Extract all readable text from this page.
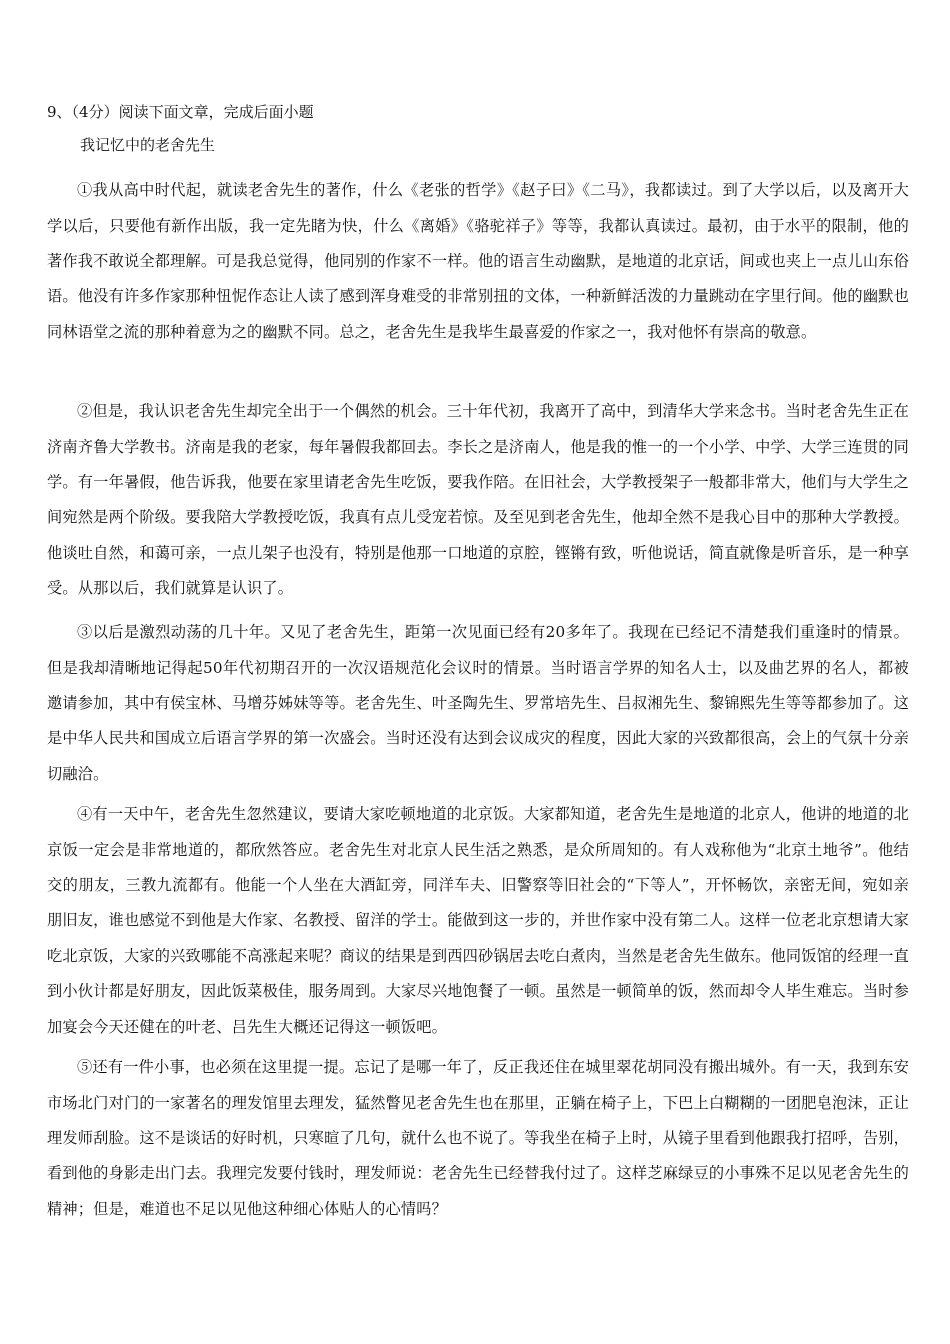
9、（4分）阅读下面文章，完成后面小题
我记忆中的老舍先生

①我从高中时代起，就读老舍先生的著作，什么《老张的哲学》《赵子曰》《二马》，我都读过。到了大学以后，以及离开大学以后，只要他有新作出版，我一定先睹为快，什么《离婚》《骆驼祥子》等等，我都认真读过。最初，由于水平的限制，他的著作我不敢说全都理解。可是我总觉得，他同别的作家不一样。他的语言生动幽默，是地道的北京话，间或也夹上一点儿山东俗语。他没有许多作家那种忸怩作态让人读了感到浑身难受的非常别扭的文体，一种新鲜活泼的力量跳动在字里行间。他的幽默也同林语堂之流的那种着意为之的幽默不同。总之，老舍先生是我毕生最喜爱的作家之一，我对他怀有崇高的敬意。

②但是，我认识老舍先生却完全出于一个偶然的机会。三十年代初，我离开了高中，到清华大学来念书。当时老舍先生正在济南齐鲁大学教书。济南是我的老家，每年暑假我都回去。李长之是济南人，他是我的惟一的一个小学、中学、大学三连贯的同学。有一年暑假，他告诉我，他要在家里请老舍先生吃饭，要我作陪。在旧社会，大学教授架子一般都非常大，他们与大学生之间宛然是两个阶级。要我陪大学教授吃饭，我真有点儿受宠若惊。及至见到老舍先生，他却全然不是我心目中的那种大学教授。他谈吐自然，和蔼可亲，一点儿架子也没有，特别是他那一口地道的京腔，铿锵有致，听他说话，简直就像是听音乐，是一种享受。从那以后，我们就算是认识了。

③以后是激烈动荡的几十年。又见了老舍先生，距第一次见面已经有20多年了。我现在已经记不清楚我们重逢时的情景。但是我却清晰地记得起50年代初期召开的一次汉语规范化会议时的情景。当时语言学界的知名人士，以及曲艺界的名人，都被邀请参加，其中有侯宝林、马增芬姊妹等等。老舍先生、叶圣陶先生、罗常培先生、吕叔湘先生、黎锦熙先生等等都参加了。这是中华人民共和国成立后语言学界的第一次盛会。当时还没有达到会议成灾的程度，因此大家的兴致都很高，会上的气氛十分亲切融洽。

④有一天中午，老舍先生忽然建议，要请大家吃顿地道的北京饭。大家都知道，老舍先生是地道的北京人，他讲的地道的北京饭一定会是非常地道的，都欣然答应。老舍先生对北京人民生活之熟悉，是众所周知的。有人戏称他为“北京土地爷”。他结交的朋友，三教九流都有。他能一个人坐在大酒缸旁，同洋车夫、旧警察等旧社会的“下等人”，开怀畅饮，亲密无间，宛如亲朋旧友，谁也感觉不到他是大作家、名教授、留洋的学士。能做到这一步的，并世作家中没有第二人。这样一位老北京想请大家吃北京饭，大家的兴致哪能不高涨起来呢？商议的结果是到西四砂锅居去吃白煮肉，当然是老舍先生做东。他同饭馆的经理一直到小伙计都是好朋友，因此饭菜极佳，服务周到。大家尽兴地饱餐了一顿。虽然是一顿简单的饭，然而却令人毕生难忘。当时参加宴会今天还健在的叶老、吕先生大概还记得这一顿饭吧。

⑤还有一件小事，也必须在这里提一提。忘记了是哪一年了，反正我还住在城里翠花胡同没有搬出城外。有一天，我到东安市场北门对门的一家著名的理发馆里去理发，猛然瞥见老舍先生也在那里，正躺在椅子上，下巴上白糊糊的一团肥皂泡沫，正让理发师刮脸。这不是谈话的好时机，只寒暄了几句，就什么也不说了。等我坐在椅子上时，从镜子里看到他跟我打招呼，告别，看到他的身影走出门去。我理完发要付钱时，理发师说：老舍先生已经替我付过了。这样芝麻绿豆的小事殊不足以见老舍先生的精神；但是，难道也不足以见他这种细心体贴人的心情吗？
